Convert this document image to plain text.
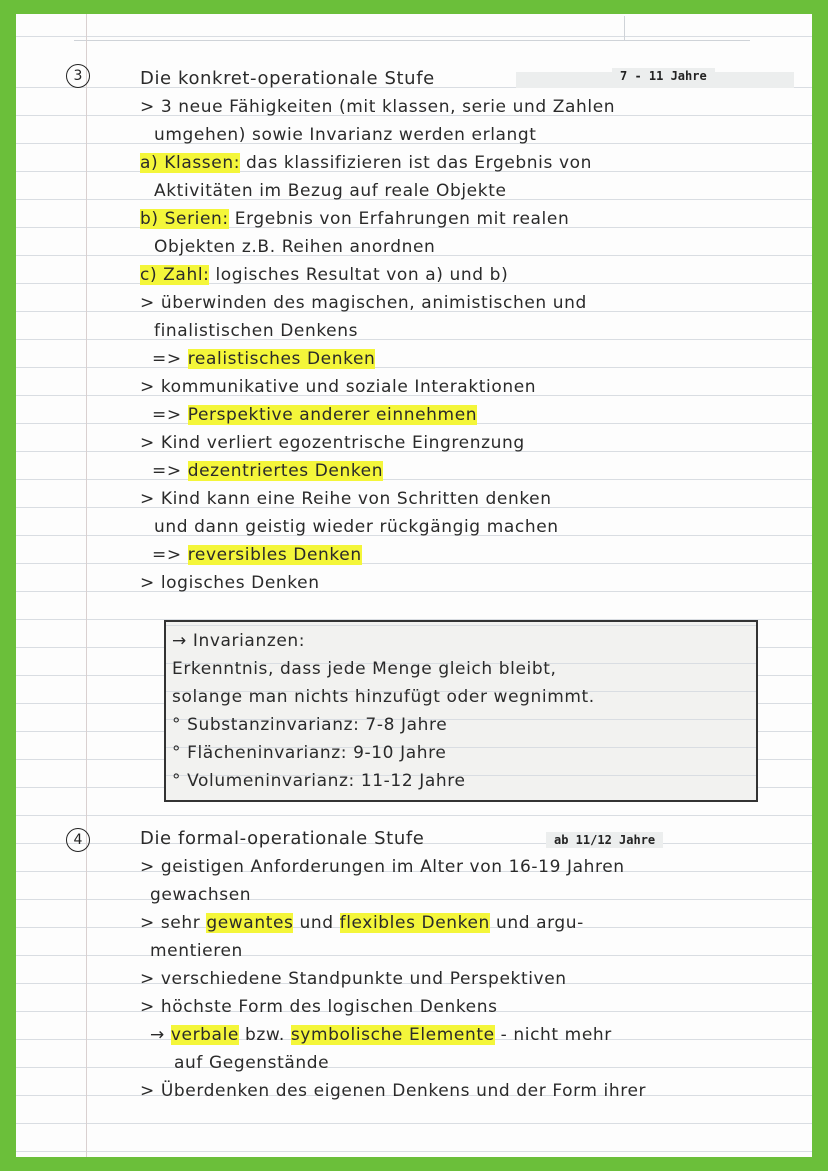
3	Die konkret-operationale Stufe	7 - 11 Jahre
→ Invarianzen:
Erkenntnis, dass jede Menge gleich bleibt,
solange man nichts hinzufügt oder wegnimmt.
° Substanzinvarianz: 7-8 Jahre
° Flächeninvarianz: 9-10 Jahre
° Volumeninvarianz: 11-12 Jahre
4	Die formal-operationale Stufe	ab 11/12 Jahre
> geistigen Anforderungen im Alter von 16-19 Jahren
gewachsen
> sehr gewantes und flexibles Denken und argu-
mentieren
> verschiedene Standpunkte und Perspektiven
> höchste Form des logischen Denkens
→ verbale bzw. symbolische Elemente - nicht mehr
auf Gegenstände
> Überdenken des eigenen Denkens und der Form ihrer
> 3 neue Fähigkeiten (mit klassen, serie und Zahlen
umgehen) sowie Invarianz werden erlangt
a) Klassen: das klassifizieren ist das Ergebnis von
Aktivitäten im Bezug auf reale Objekte
b) Serien: Ergebnis von Erfahrungen mit realen
Objekten z.B. Reihen anordnen
c) Zahl: logisches Resultat von a) und b)
> überwinden des magischen, animistischen und
finalistischen Denkens
=> realistisches Denken
> kommunikative und soziale Interaktionen
=> Perspektive anderer einnehmen
> Kind verliert egozentrische Eingrenzung
=> dezentriertes Denken
> Kind kann eine Reihe von Schritten denken
und dann geistig wieder rückgängig machen
=> reversibles Denken
> logisches Denken
